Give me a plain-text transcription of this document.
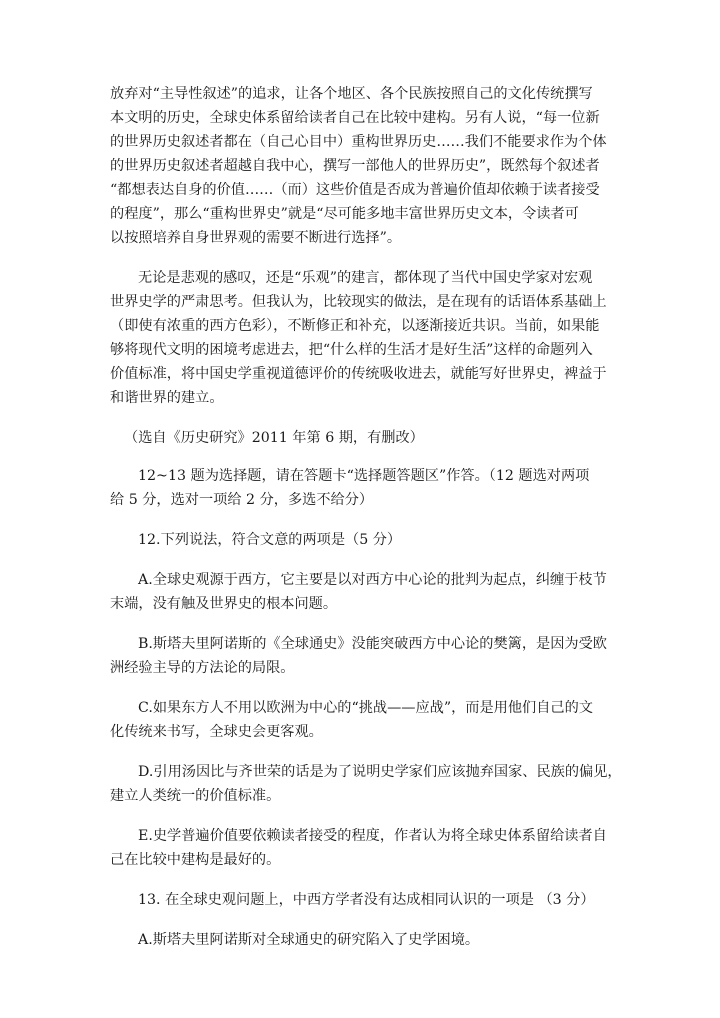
放弃对“主导性叙述”的追求，让各个地区、各个民族按照自己的文化传统撰写
本文明的历史，全球史体系留给读者自己在比较中建构。另有人说，“每一位新
的世界历史叙述者都在（自己心目中）重构世界历史……我们不能要求作为个体
的世界历史叙述者超越自我中心，撰写一部他人的世界历史”，既然每个叙述者
“都想表达自身的价值……（而）这些价值是否成为普遍价值却依赖于读者接受
的程度”，那么“重构世界史”就是“尽可能多地丰富世界历史文本，令读者可
以按照培养自身世界观的需要不断进行选择”。

无论是悲观的感叹，还是“乐观”的建言，都体现了当代中国史学家对宏观
世界史学的严肃思考。但我认为，比较现实的做法，是在现有的话语体系基础上
（即使有浓重的西方色彩），不断修正和补充，以逐渐接近共识。当前，如果能
够将现代文明的困境考虑进去，把“什么样的生活才是好生活”这样的命题列入
价值标准，将中国史学重视道德评价的传统吸收进去，就能写好世界史，裨益于
和谐世界的建立。

（选自《历史研究》2011 年第 6 期，有删改）

12~13 题为选择题，请在答题卡“选择题答题区”作答。（12 题选对两项
给 5 分，选对一项给 2 分，多选不给分）

12.下列说法，符合文意的两项是（5 分）

A.全球史观源于西方，它主要是以对西方中心论的批判为起点，纠缠于枝节
末端，没有触及世界史的根本问题。

B.斯塔夫里阿诺斯的《全球通史》没能突破西方中心论的樊篱，是因为受欧
洲经验主导的方法论的局限。

C.如果东方人不用以欧洲为中心的“挑战——应战”，而是用他们自己的文
化传统来书写，全球史会更客观。

D.引用汤因比与齐世荣的话是为了说明史学家们应该抛弃国家、民族的偏见，
建立人类统一的价值标准。

E.史学普遍价值要依赖读者接受的程度，作者认为将全球史体系留给读者自
己在比较中建构是最好的。

13. 在全球史观问题上，中西方学者没有达成相同认识的一项是 （3 分）

A.斯塔夫里阿诺斯对全球通史的研究陷入了史学困境。
